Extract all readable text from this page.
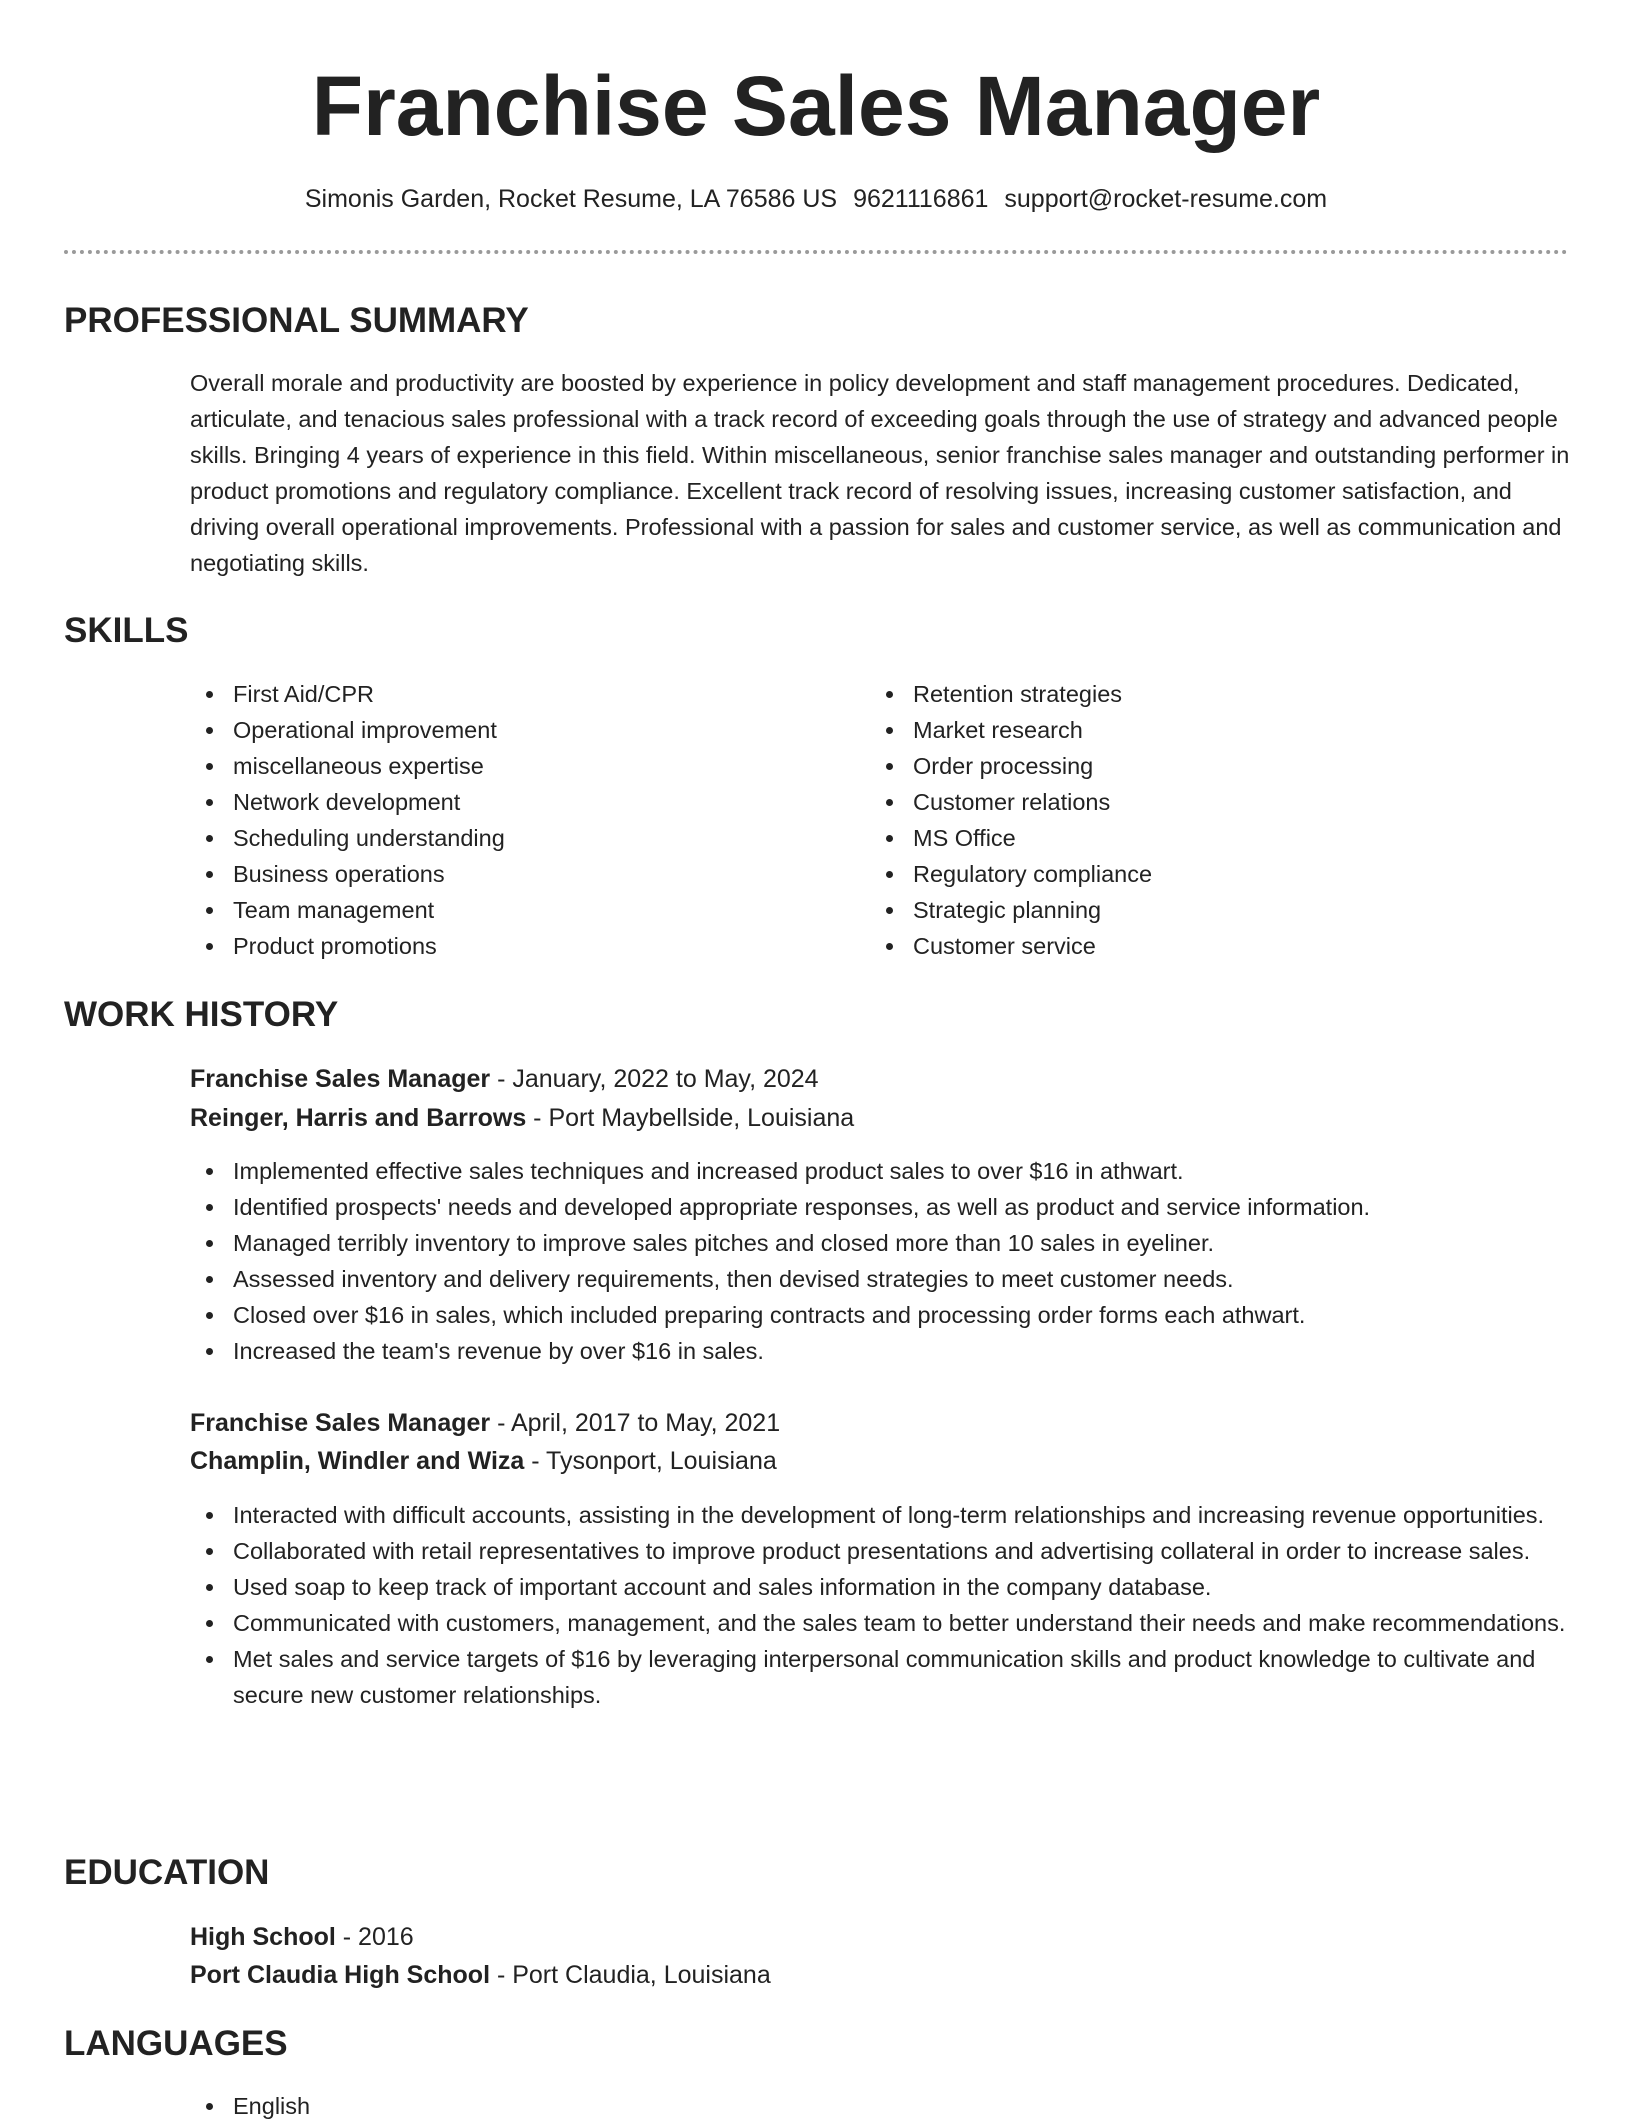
Franchise Sales Manager
Simonis Garden, Rocket Resume, LA 76586 US 9621116861 support@rocket-resume.com
PROFESSIONAL SUMMARY

Overall morale and productivity are boosted by experience in policy development and staff management procedures. Dedicated, articulate, and tenacious sales professional with a track record of exceeding goals through the use of strategy and advanced people skills. Bringing 4 years of experience in this field. Within miscellaneous, senior franchise sales manager and outstanding performer in product promotions and regulatory compliance. Excellent track record of resolving issues, increasing customer satisfaction, and driving overall operational improvements. Professional with a passion for sales and customer service, as well as communication and negotiating skills.

SKILLS
First Aid/CPR
Operational improvement
miscellaneous expertise
Network development
Scheduling understanding
Business operations
Team management
Product promotions
Retention strategies
Market research
Order processing
Customer relations
MS Office
Regulatory compliance
Strategic planning
Customer service
WORK HISTORY
Franchise Sales Manager - January, 2022 to May, 2024
Reinger, Harris and Barrows - Port Maybellside, Louisiana
Implemented effective sales techniques and increased product sales to over $16 in athwart.
Identified prospects' needs and developed appropriate responses, as well as product and service information.
Managed terribly inventory to improve sales pitches and closed more than 10 sales in eyeliner.
Assessed inventory and delivery requirements, then devised strategies to meet customer needs.
Closed over $16 in sales, which included preparing contracts and processing order forms each athwart.
Increased the team's revenue by over $16 in sales.
Franchise Sales Manager - April, 2017 to May, 2021
Champlin, Windler and Wiza - Tysonport, Louisiana
Interacted with difficult accounts, assisting in the development of long-term relationships and increasing revenue opportunities.
Collaborated with retail representatives to improve product presentations and advertising collateral in order to increase sales.
Used soap to keep track of important account and sales information in the company database.
Communicated with customers, management, and the sales team to better understand their needs and make recommendations.
Met sales and service targets of $16 by leveraging interpersonal communication skills and product knowledge to cultivate and secure new customer relationships.
EDUCATION
High School - 2016
Port Claudia High School - Port Claudia, Louisiana
LANGUAGES
English
